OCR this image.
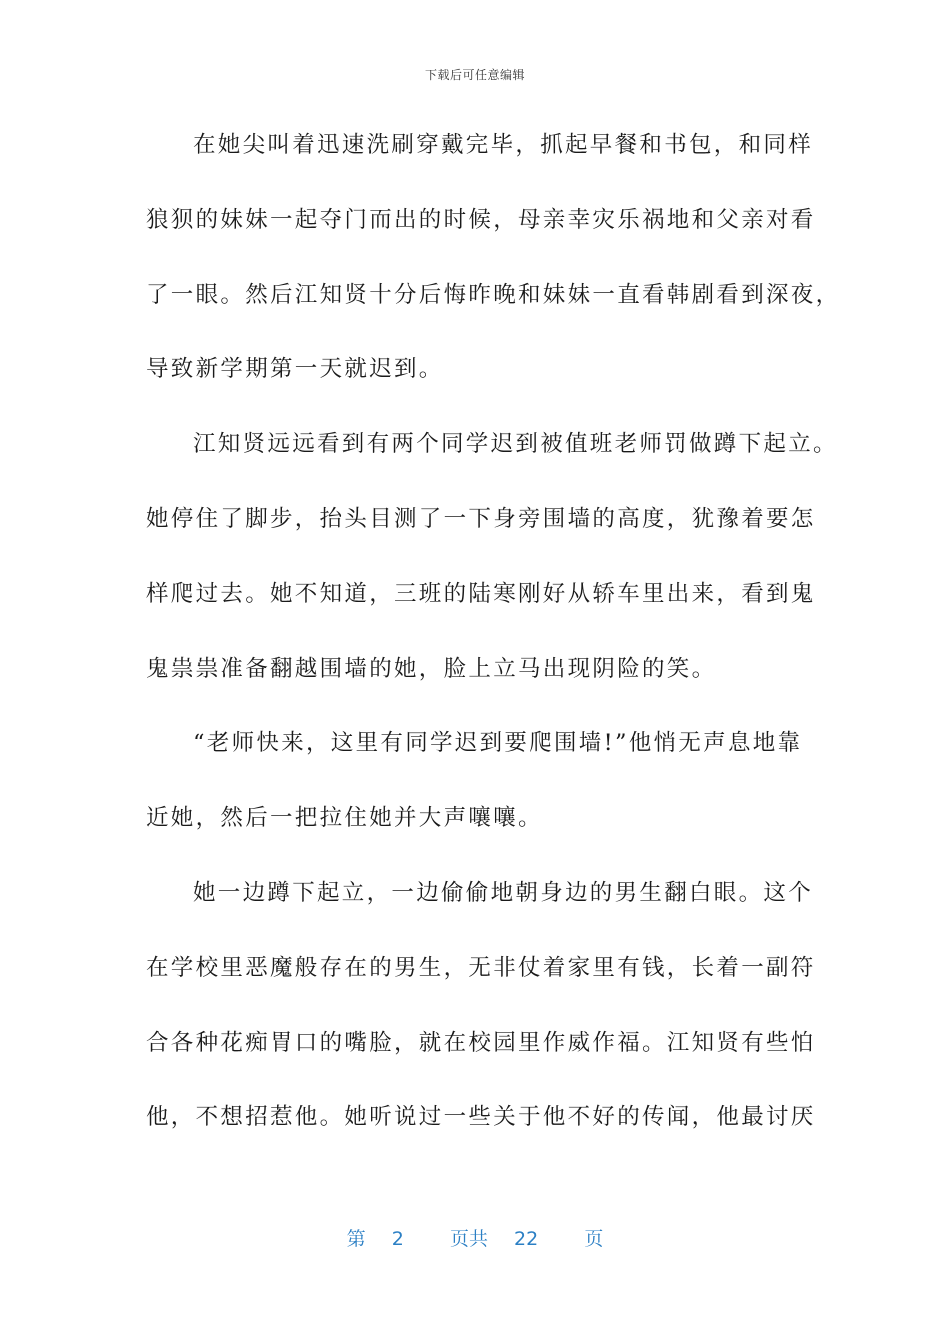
下载后可任意编辑
在她尖叫着迅速洗刷穿戴完毕，抓起早餐和书包，和同样
狼狈的妹妹一起夺门而出的时候，母亲幸灾乐祸地和父亲对看
了一眼。然后江知贤十分后悔昨晚和妹妹一直看韩剧看到深夜，
导致新学期第一天就迟到。
江知贤远远看到有两个同学迟到被值班老师罚做蹲下起立。
她停住了脚步，抬头目测了一下身旁围墙的高度，犹豫着要怎
样爬过去。她不知道，三班的陆寒刚好从轿车里出来，看到鬼
鬼祟祟准备翻越围墙的她，脸上立马出现阴险的笑。
“老师快来，这里有同学迟到要爬围墙!”他悄无声息地靠
近她，然后一把拉住她并大声嚷嚷。
她一边蹲下起立，一边偷偷地朝身边的男生翻白眼。这个
在学校里恶魔般存在的男生，无非仗着家里有钱，长着一副符
合各种花痴胃口的嘴脸，就在校园里作威作福。江知贤有些怕
他，不想招惹他。她听说过一些关于他不好的传闻，他最讨厌
第 2 页共 22 页
